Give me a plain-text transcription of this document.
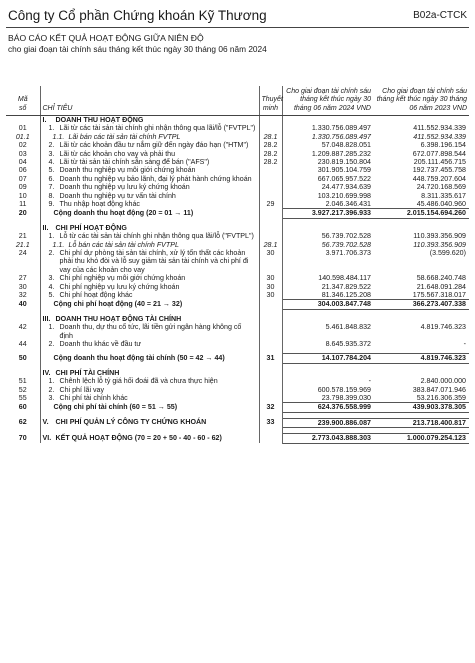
Công ty Cổ phần Chứng khoán Kỹ Thương	B02a-CTCK
BÁO CÁO KẾT QUẢ HOẠT ĐỘNG GIỮA NIÊN ĐỘ
cho giai đoạn tài chính sáu tháng kết thúc ngày 30 tháng 06 năm 2024
Mã
số	CHỈ TIÊU	Thuyết
minh	Cho giai đoạn tài chính sáu tháng kết thúc ngày 30 tháng 06 năm 2024 VND	Cho giai đoạn tài chính sáu tháng kết thúc ngày 30 tháng 06 năm 2023 VND

	I. DOANH THU HOẠT ĐỘNG			

01	1. Lãi từ các tài sản tài chính ghi nhận thông qua lãi/lỗ ("FVTPL")		1.330.756.089.497	411.552.934.339
01.1	1.1. Lãi bán các tài sản tài chính FVTPL	28.1	1.330.756.089.497	411.552.934.339
02	2. Lãi từ các khoản đầu tư nắm giữ đến ngày đáo hạn ("HTM")	28.2	57.048.828.051	6.398.196.154
03	3. Lãi từ các khoản cho vay và phải thu	28.2	1.209.887.285.232	672.077.898.544
04	4. Lãi từ tài sản tài chính sẵn sàng để bán ("AFS")	28.2	230.819.150.804	205.111.456.715
06	5. Doanh thu nghiệp vụ môi giới chứng khoán		301.905.104.759	192.737.455.758
07	6. Doanh thu nghiệp vụ bảo lãnh, đại lý phát hành chứng khoán		667.065.957.522	448.759.207.604
09	7. Doanh thu nghiệp vụ lưu ký chứng khoán		24.477.934.639	24.720.168.569
10	8. Doanh thu nghiệp vụ tư vấn tài chính		103.210.699.998	8.311.335.617
11	9. Thu nhập hoạt động khác	29	2.046.346.431	45.486.040.960
20	Cộng doanh thu hoạt động (20 = 01 → 11)		3.927.217.396.933	2.015.154.694.260

	II. CHI PHÍ HOẠT ĐỘNG			

21	1. Lỗ từ các tài sản tài chính ghi nhận thông qua lãi/lỗ ("FVTPL")		56.739.702.528	110.393.356.909
21.1	1.1. Lỗ bán các tài sản tài chính FVTPL	28.1	56.739.702.528	110.393.356.909
24	2. Chi phí dự phòng tài sản tài chính, xử lý tổn thất các khoản phải thu khó đòi và lỗ suy giảm tài sản tài chính và chi phí đi vay của các khoản cho vay	30	3.971.706.373	(3.599.620)
27	3. Chi phí nghiệp vụ môi giới chứng khoán	30	140.598.484.117	58.668.240.748
30	4. Chi phí nghiệp vụ lưu ký chứng khoán	30	21.347.829.522	21.648.091.284
32	5. Chi phí hoạt động khác	30	81.346.125.208	175.567.318.017
40	Cộng chi phí hoạt động (40 = 21 → 32)		304.003.847.748	366.273.407.338

	III. DOANH THU HOẠT ĐỘNG TÀI CHÍNH			

42	1. Doanh thu, dự thu cổ tức, lãi tiền gửi ngân hàng không cố định		5.461.848.832	4.819.746.323
44	2. Doanh thu khác về đầu tư		8.645.935.372	-

50	Cộng doanh thu hoạt động tài chính (50 = 42 → 44)	31	14.107.784.204	4.819.746.323

	IV. CHI PHÍ TÀI CHÍNH			

51	1. Chênh lệch lỗ tỷ giá hối đoái đã và chưa thực hiện		-	2.840.000.000
52	2. Chi phí lãi vay		600.578.159.969	383.847.071.946
55	3. Chi phí tài chính khác		23.798.399.030	53.216.306.359
60	Cộng chi phí tài chính (60 = 51 → 55)	32	624.376.558.999	439.903.378.305

62	V. CHI PHÍ QUẢN LÝ CÔNG TY CHỨNG KHOÁN	33	239.900.886.087	213.718.400.817

70	VI. KẾT QUẢ HOẠT ĐỘNG (70 = 20 + 50 - 40 - 60 - 62)		2.773.043.888.303	1.000.079.254.123
